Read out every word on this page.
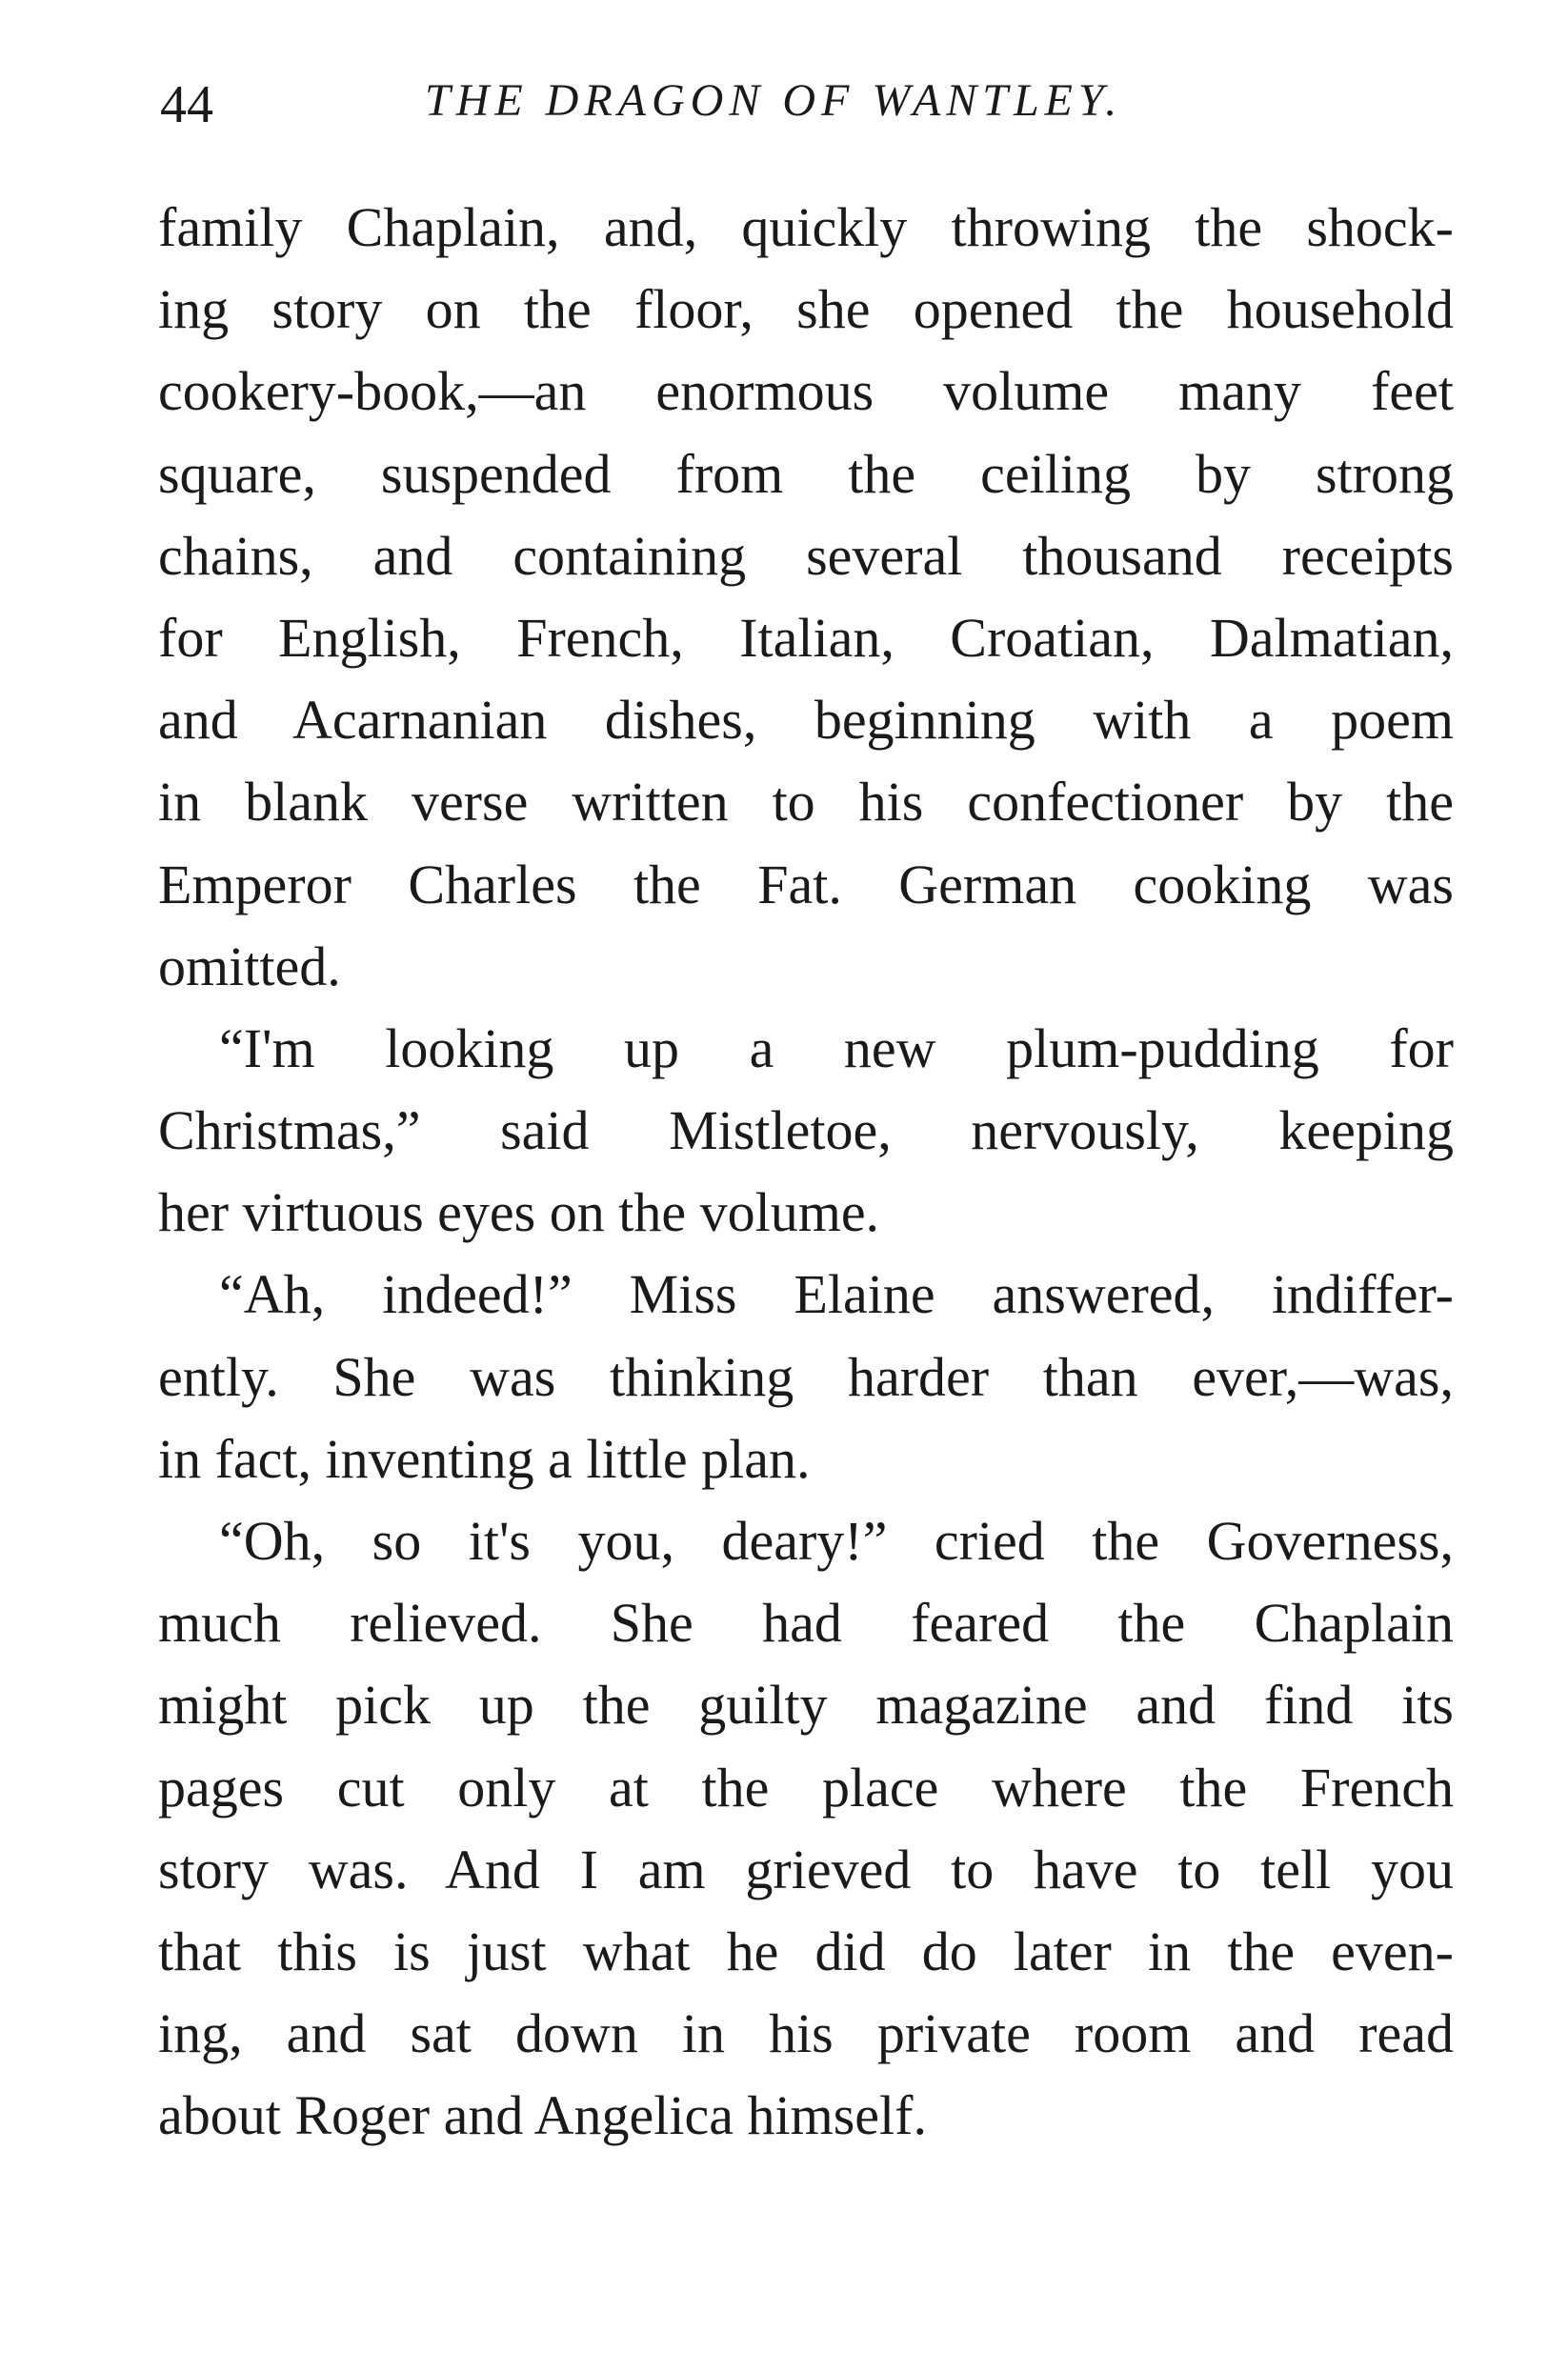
44	THE DRAGON OF WANTLEY.
family Chaplain, and, quickly throwing the shock-
ing story on the floor, she opened the household
cookery-book,—an enormous volume many feet
square, suspended from the ceiling by strong
chains, and containing several thousand receipts
for English, French, Italian, Croatian, Dalmatian,
and Acarnanian dishes, beginning with a poem
in blank verse written to his confectioner by the
Emperor Charles the Fat. German cooking was
omitted.
“I'm looking up a new plum-pudding for
Christmas,” said Mistletoe, nervously, keeping
her virtuous eyes on the volume.
“Ah, indeed!” Miss Elaine answered, indiffer-
ently. She was thinking harder than ever,—was,
in fact, inventing a little plan.
“Oh, so it's you, deary!” cried the Governess,
much relieved. She had feared the Chaplain
might pick up the guilty magazine and find its
pages cut only at the place where the French
story was. And I am grieved to have to tell you
that this is just what he did do later in the even-
ing, and sat down in his private room and read
about Roger and Angelica himself.
